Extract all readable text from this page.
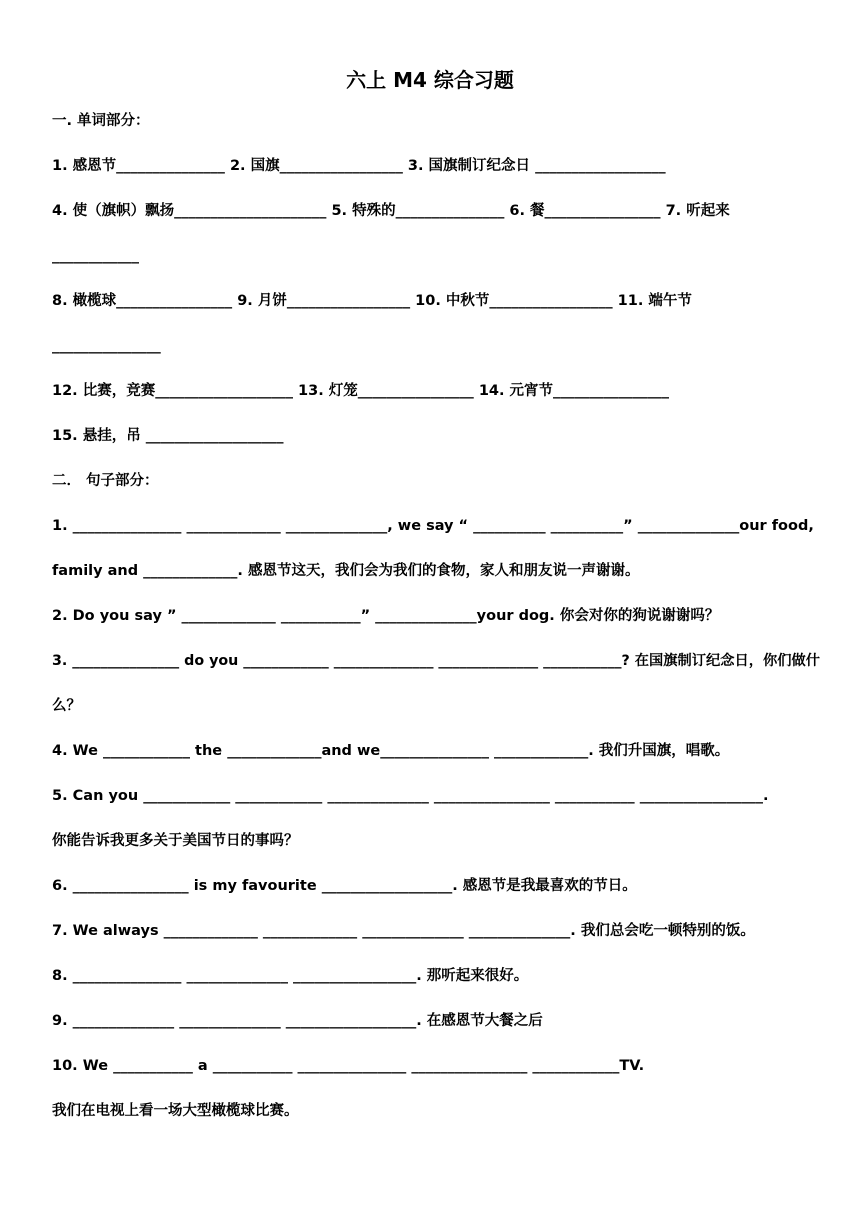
六上 M4 综合习题
一. 单词部分：
1. 感恩节_______________ 2. 国旗_________________ 3. 国旗制订纪念日 __________________
4. 使（旗帜）飘扬_____________________ 5. 特殊的_______________ 6. 餐________________ 7. 听起来
____________
8. 橄榄球________________ 9. 月饼_________________ 10. 中秋节_________________ 11. 端午节
_______________
12. 比赛，竞赛___________________ 13. 灯笼________________ 14. 元宵节________________
15. 悬挂，吊 ___________________
二． 句子部分：
1. _______________ _____________ ______________, we say “ __________ __________” ______________our food,
family and _____________. 感恩节这天，我们会为我们的食物，家人和朋友说一声谢谢。
2. Do you say ” _____________ ___________” ______________your dog. 你会对你的狗说谢谢吗？
3. _______________ do you ____________ ______________ ______________ ___________? 在国旗制订纪念日，你们做什
么？
4. We ____________ the _____________and we_______________ _____________. 我们升国旗，唱歌。
5. Can you ____________ ____________ ______________ ________________ ___________ _________________.
你能告诉我更多关于美国节日的事吗？
6. ________________ is my favourite __________________. 感恩节是我最喜欢的节日。
7. We always _____________ _____________ ______________ ______________. 我们总会吃一顿特别的饭。
8. _______________ ______________ _________________. 那听起来很好。
9. ______________ ______________ __________________. 在感恩节大餐之后
10. We ___________ a ___________ _______________ ________________ ____________TV.
我们在电视上看一场大型橄榄球比赛。
